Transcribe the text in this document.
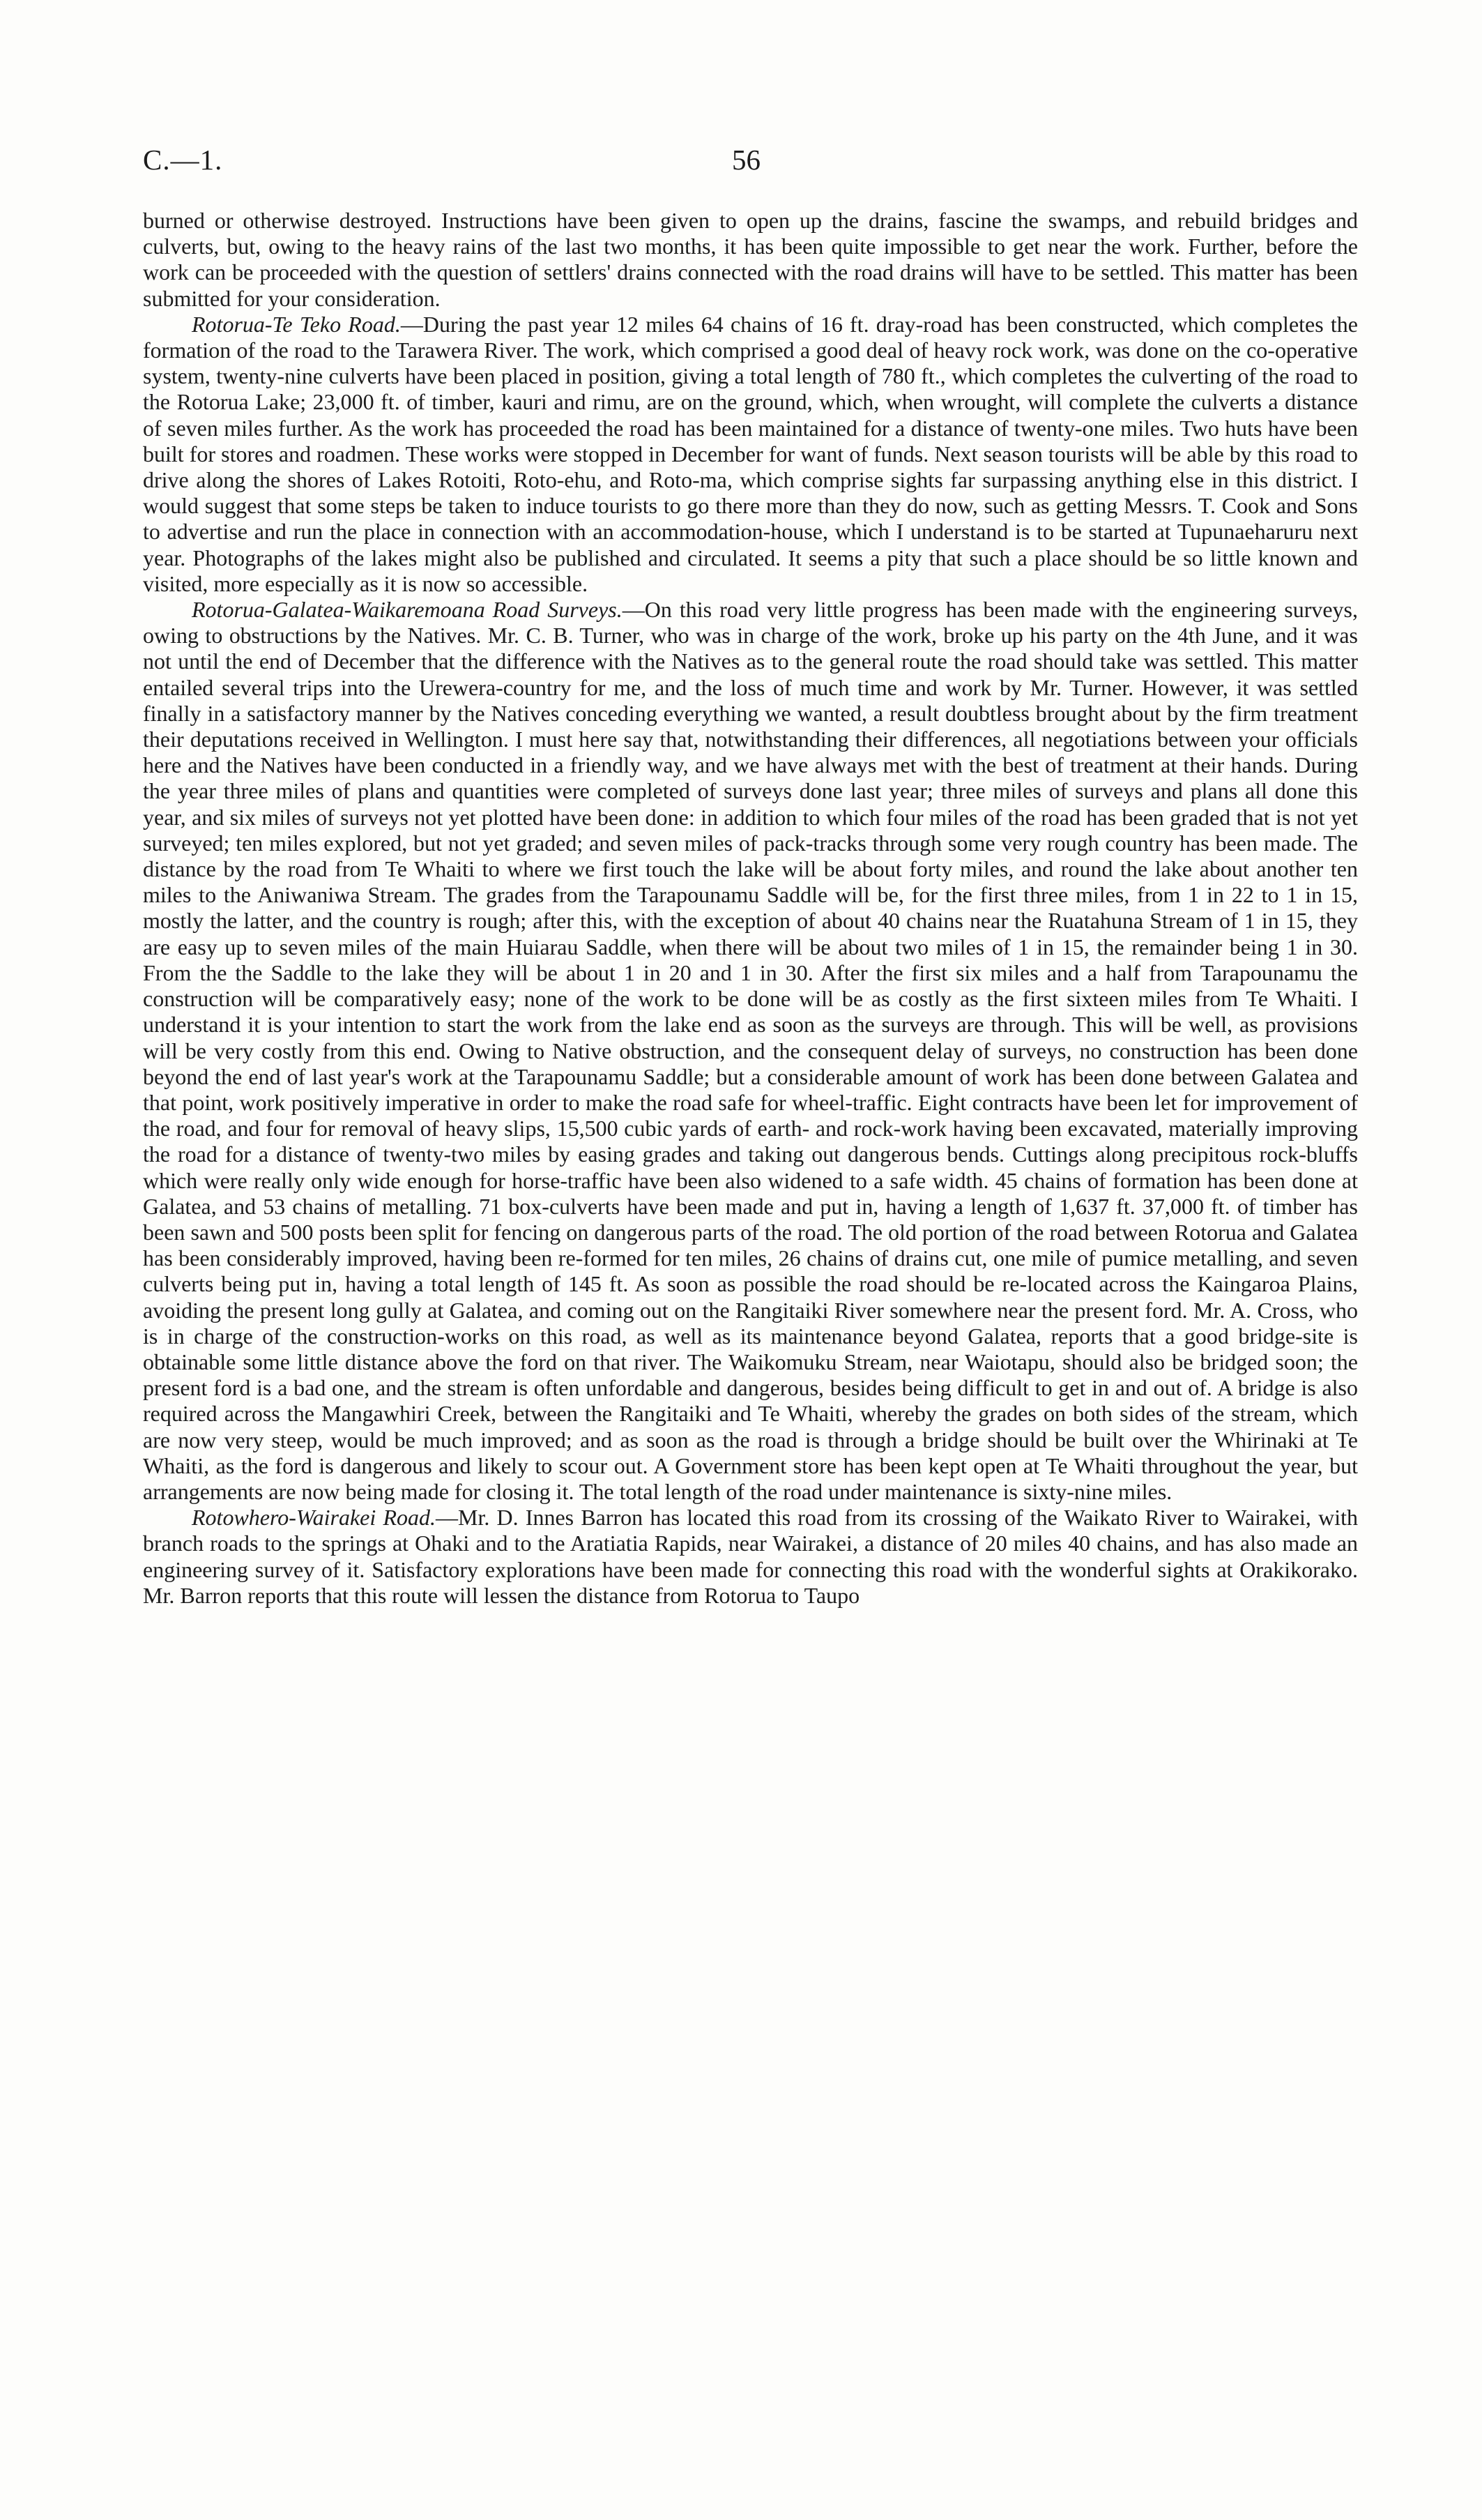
C.—1.	56

burned or otherwise destroyed. Instructions have been given to open up the drains, fascine the swamps, and rebuild bridges and culverts, but, owing to the heavy rains of the last two months, it has been quite impossible to get near the work. Further, before the work can be proceeded with the question of settlers' drains connected with the road drains will have to be settled. This matter has been submitted for your consideration.

Rotorua-Te Teko Road.—During the past year 12 miles 64 chains of 16 ft. dray-road has been constructed, which completes the formation of the road to the Tarawera River. The work, which comprised a good deal of heavy rock work, was done on the co-operative system, twenty-nine culverts have been placed in position, giving a total length of 780 ft., which completes the culverting of the road to the Rotorua Lake; 23,000 ft. of timber, kauri and rimu, are on the ground, which, when wrought, will complete the culverts a distance of seven miles further. As the work has proceeded the road has been maintained for a distance of twenty-one miles. Two huts have been built for stores and roadmen. These works were stopped in December for want of funds. Next season tourists will be able by this road to drive along the shores of Lakes Rotoiti, Roto-ehu, and Roto-ma, which comprise sights far surpassing anything else in this district. I would suggest that some steps be taken to induce tourists to go there more than they do now, such as getting Messrs. T. Cook and Sons to advertise and run the place in connection with an accommodation-house, which I understand is to be started at Tupunaeharuru next year. Photographs of the lakes might also be published and circulated. It seems a pity that such a place should be so little known and visited, more especially as it is now so accessible.

Rotorua-Galatea-Waikaremoana Road Surveys.—On this road very little progress has been made with the engineering surveys, owing to obstructions by the Natives. Mr. C. B. Turner, who was in charge of the work, broke up his party on the 4th June, and it was not until the end of December that the difference with the Natives as to the general route the road should take was settled. This matter entailed several trips into the Urewera-country for me, and the loss of much time and work by Mr. Turner. However, it was settled finally in a satisfactory manner by the Natives conceding everything we wanted, a result doubtless brought about by the firm treatment their deputations received in Wellington. I must here say that, notwithstanding their differences, all negotiations between your officials here and the Natives have been conducted in a friendly way, and we have always met with the best of treatment at their hands. During the year three miles of plans and quantities were completed of surveys done last year; three miles of surveys and plans all done this year, and six miles of surveys not yet plotted have been done: in addition to which four miles of the road has been graded that is not yet surveyed; ten miles explored, but not yet graded; and seven miles of pack-tracks through some very rough country has been made. The distance by the road from Te Whaiti to where we first touch the lake will be about forty miles, and round the lake about another ten miles to the Aniwaniwa Stream. The grades from the Tarapounamu Saddle will be, for the first three miles, from 1 in 22 to 1 in 15, mostly the latter, and the country is rough; after this, with the exception of about 40 chains near the Ruatahuna Stream of 1 in 15, they are easy up to seven miles of the main Huiarau Saddle, when there will be about two miles of 1 in 15, the remainder being 1 in 30. From the the Saddle to the lake they will be about 1 in 20 and 1 in 30. After the first six miles and a half from Tarapounamu the construction will be comparatively easy; none of the work to be done will be as costly as the first sixteen miles from Te Whaiti. I understand it is your intention to start the work from the lake end as soon as the surveys are through. This will be well, as provisions will be very costly from this end. Owing to Native obstruction, and the consequent delay of surveys, no construction has been done beyond the end of last year's work at the Tarapounamu Saddle; but a considerable amount of work has been done between Galatea and that point, work positively imperative in order to make the road safe for wheel-traffic. Eight contracts have been let for improvement of the road, and four for removal of heavy slips, 15,500 cubic yards of earth- and rock-work having been excavated, materially improving the road for a distance of twenty-two miles by easing grades and taking out dangerous bends. Cuttings along precipitous rock-bluffs which were really only wide enough for horse-traffic have been also widened to a safe width. 45 chains of formation has been done at Galatea, and 53 chains of metalling. 71 box-culverts have been made and put in, having a length of 1,637 ft. 37,000 ft. of timber has been sawn and 500 posts been split for fencing on dangerous parts of the road. The old portion of the road between Rotorua and Galatea has been considerably improved, having been re-formed for ten miles, 26 chains of drains cut, one mile of pumice metalling, and seven culverts being put in, having a total length of 145 ft. As soon as possible the road should be re-located across the Kaingaroa Plains, avoiding the present long gully at Galatea, and coming out on the Rangitaiki River somewhere near the present ford. Mr. A. Cross, who is in charge of the construction-works on this road, as well as its maintenance beyond Galatea, reports that a good bridge-site is obtainable some little distance above the ford on that river. The Waikomuku Stream, near Waiotapu, should also be bridged soon; the present ford is a bad one, and the stream is often unfordable and dangerous, besides being difficult to get in and out of. A bridge is also required across the Mangawhiri Creek, between the Rangitaiki and Te Whaiti, whereby the grades on both sides of the stream, which are now very steep, would be much improved; and as soon as the road is through a bridge should be built over the Whirinaki at Te Whaiti, as the ford is dangerous and likely to scour out. A Government store has been kept open at Te Whaiti throughout the year, but arrangements are now being made for closing it. The total length of the road under maintenance is sixty-nine miles.

Rotowhero-Wairakei Road.—Mr. D. Innes Barron has located this road from its crossing of the Waikato River to Wairakei, with branch roads to the springs at Ohaki and to the Aratiatia Rapids, near Wairakei, a distance of 20 miles 40 chains, and has also made an engineering survey of it. Satisfactory explorations have been made for connecting this road with the wonderful sights at Orakikorako. Mr. Barron reports that this route will lessen the distance from Rotorua to Taupo
